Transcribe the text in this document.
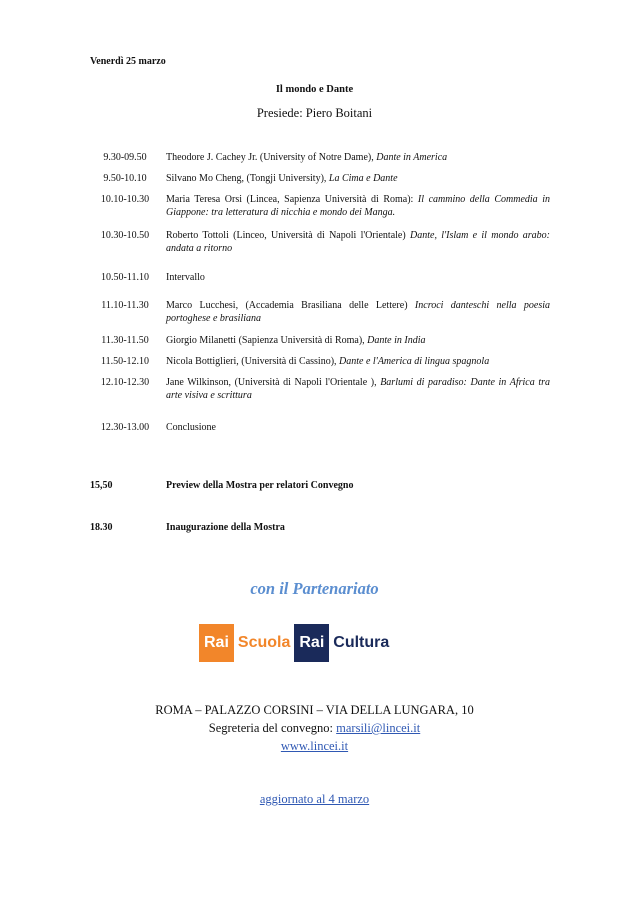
Venerdì 25 marzo
Il mondo e Dante
Presiede: Piero Boitani
9.30-09.50	Theodore J. Cachey Jr. (University of Notre Dame), Dante in America
9.50-10.10	Silvano Mo Cheng, (Tongji University), La Cima e Dante
10.10-10.30	Maria Teresa Orsi (Lincea, Sapienza Università di Roma): Il cammino della Commedia in Giappone: tra letteratura di nicchia e mondo dei Manga.
10.30-10.50	Roberto Tottoli (Linceo, Università di Napoli l'Orientale) Dante, l'Islam e il mondo arabo: andata a ritorno
10.50-11.10	Intervallo
11.10-11.30	Marco Lucchesi, (Accademia Brasiliana delle Lettere) Incroci danteschi nella poesia portoghese e brasiliana
11.30-11.50	Giorgio Milanetti (Sapienza Università di Roma), Dante in India
11.50-12.10	Nicola Bottiglieri, (Università di Cassino), Dante e l'America di lingua spagnola
12.10-12.30	Jane Wilkinson, (Università di Napoli l'Orientale ), Barlumi di paradiso: Dante in Africa tra arte visiva e scrittura
12.30-13.00	Conclusione
15,50	Preview della Mostra per relatori Convegno
18.30	Inaugurazione della Mostra
con il Partenariato
Rai Scuola Rai Cultura
ROMA – PALAZZO CORSINI – VIA DELLA LUNGARA, 10
Segreteria del convegno: marsili@lincei.it
www.lincei.it
aggiornato al 4 marzo
